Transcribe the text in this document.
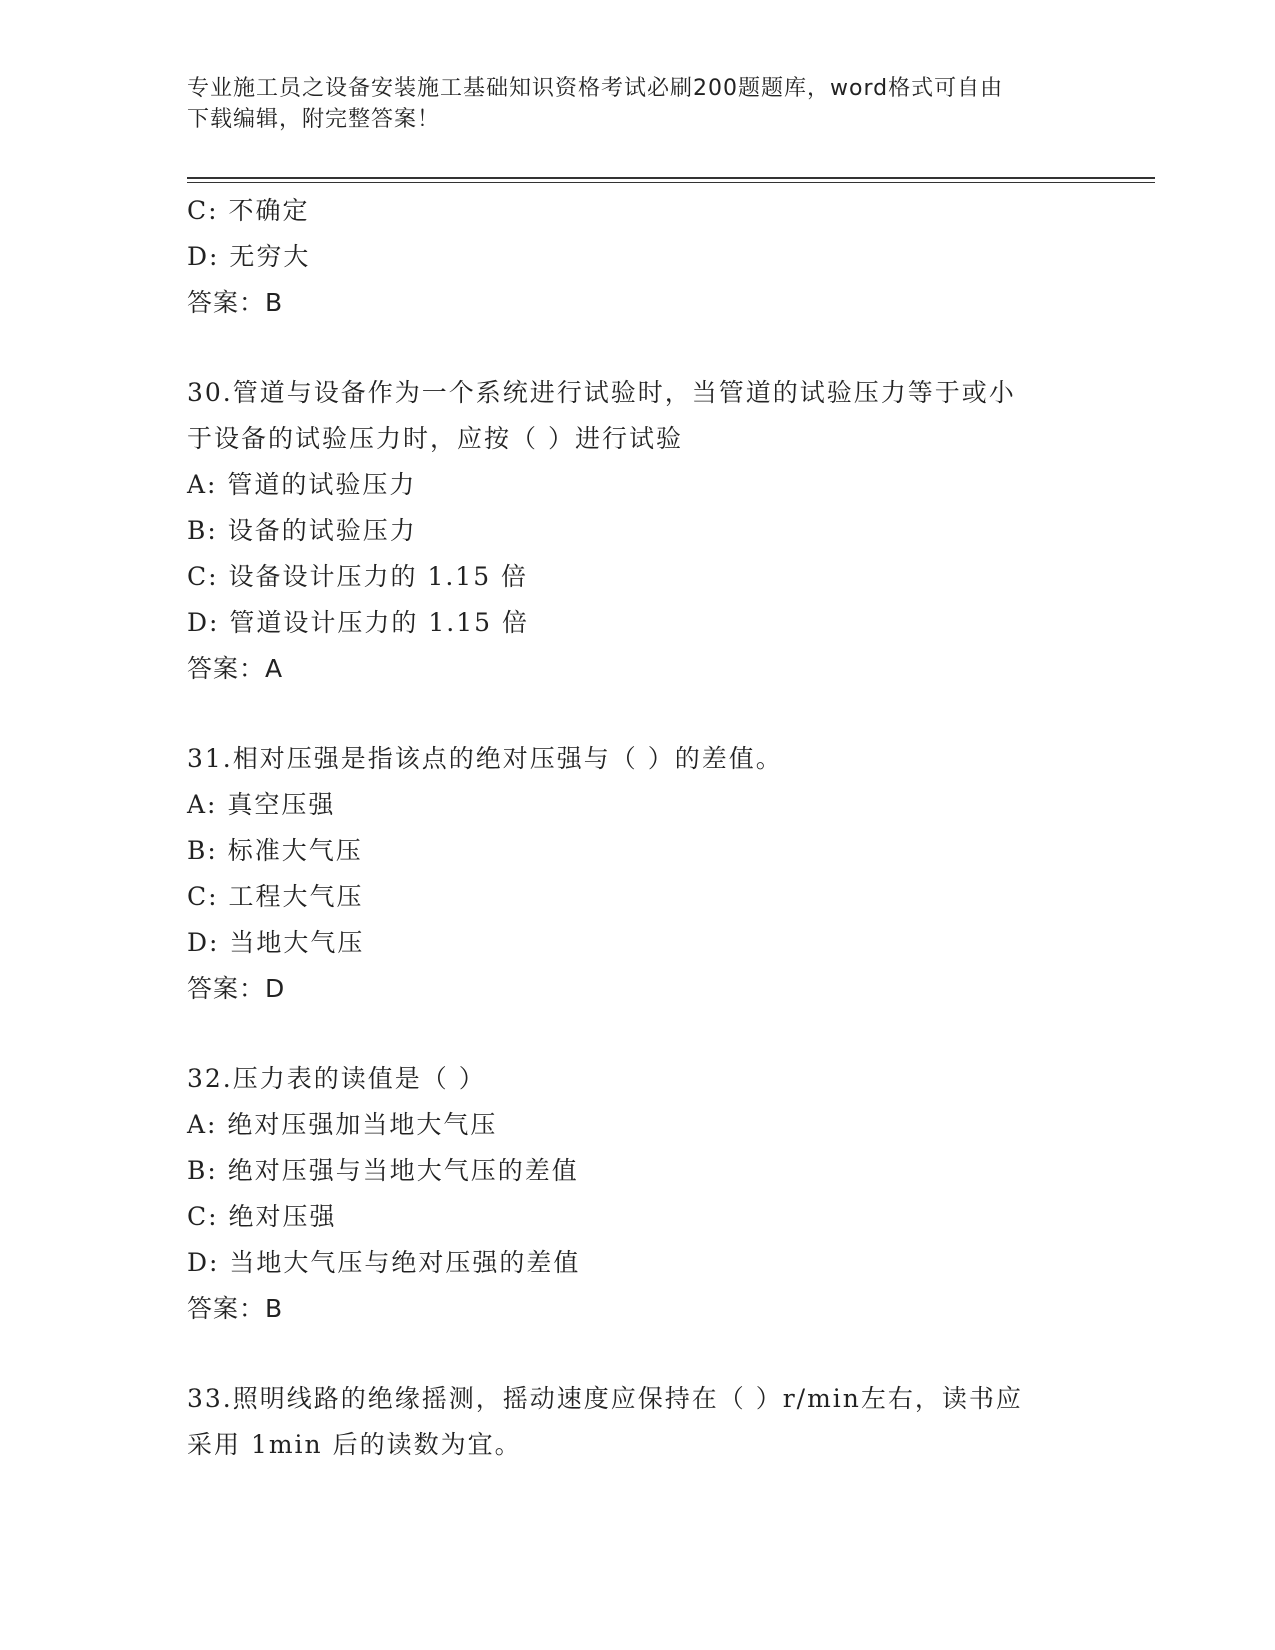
专业施工员之设备安装施工基础知识资格考试必刷200题题库，word格式可自由
下载编辑，附完整答案！
C: 不确定
D: 无穷大
答案：B
30.管道与设备作为一个系统进行试验时，当管道的试验压力等于或小
于设备的试验压力时，应按（ ）进行试验
A: 管道的试验压力
B: 设备的试验压力
C: 设备设计压力的 1.15 倍
D: 管道设计压力的 1.15 倍
答案：A
31.相对压强是指该点的绝对压强与（ ）的差值。
A: 真空压强
B: 标准大气压
C: 工程大气压
D: 当地大气压
答案：D
32.压力表的读值是（ ）
A: 绝对压强加当地大气压
B: 绝对压强与当地大气压的差值
C: 绝对压强
D: 当地大气压与绝对压强的差值
答案：B
33.照明线路的绝缘摇测，摇动速度应保持在（ ）r/min左右，读书应
采用 1min 后的读数为宜。
